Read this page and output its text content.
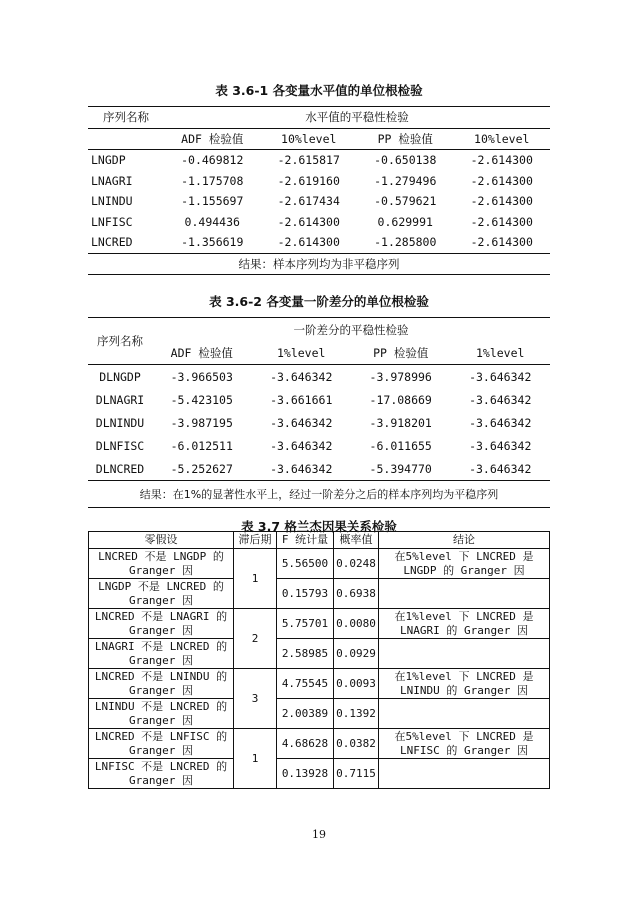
表 3.6-1 各变量水平值的单位根检验
序列名称	水平值的平稳性检验			
	ADF 检验值	10%level	PP 检验值	10%level
LNGDP	-0.469812	-2.615817	-0.650138	-2.614300
LNAGRI	-1.175708	-2.619160	-1.279496	-2.614300
LNINDU	-1.155697	-2.617434	-0.579621	-2.614300
LNFISC	0.494436	-2.614300	0.629991	-2.614300
LNCRED	-1.356619	-2.614300	-1.285800	-2.614300
结果：样本序列均为非平稳序列				
表 3.6-2 各变量一阶差分的单位根检验
序列名称	一阶差分的平稳性检验			
	ADF 检验值	1%level	PP 检验值	1%level
DLNGDP	-3.966503	-3.646342	-3.978996	-3.646342
DLNAGRI	-5.423105	-3.661661	-17.08669	-3.646342
DLNINDU	-3.987195	-3.646342	-3.918201	-3.646342
DLNFISC	-6.012511	-3.646342	-6.011655	-3.646342
DLNCRED	-5.252627	-3.646342	-5.394770	-3.646342
结果：在1%的显著性水平上，经过一阶差分之后的样本序列均为平稳序列				
表 3.7 格兰杰因果关系检验
零假设	滞后期	F 统计量	概率值	结论
LNCRED 不是 LNGDP 的 Granger 因	1	5.56500	0.0248	在5%level 下 LNCRED 是 LNGDP 的 Granger 因
LNGDP 不是 LNCRED 的 Granger 因		0.15793	0.6938	
LNCRED 不是 LNAGRI 的 Granger 因	2	5.75701	0.0080	在1%level 下 LNCRED 是 LNAGRI 的 Granger 因
LNAGRI 不是 LNCRED 的 Granger 因		2.58985	0.0929	
LNCRED 不是 LNINDU 的 Granger 因	3	4.75545	0.0093	在1%level 下 LNCRED 是 LNINDU 的 Granger 因
LNINDU 不是 LNCRED 的 Granger 因		2.00389	0.1392	
LNCRED 不是 LNFISC 的 Granger 因	1	4.68628	0.0382	在5%level 下 LNCRED 是 LNFISC 的 Granger 因
LNFISC 不是 LNCRED 的 Granger 因		0.13928	0.7115	
19
